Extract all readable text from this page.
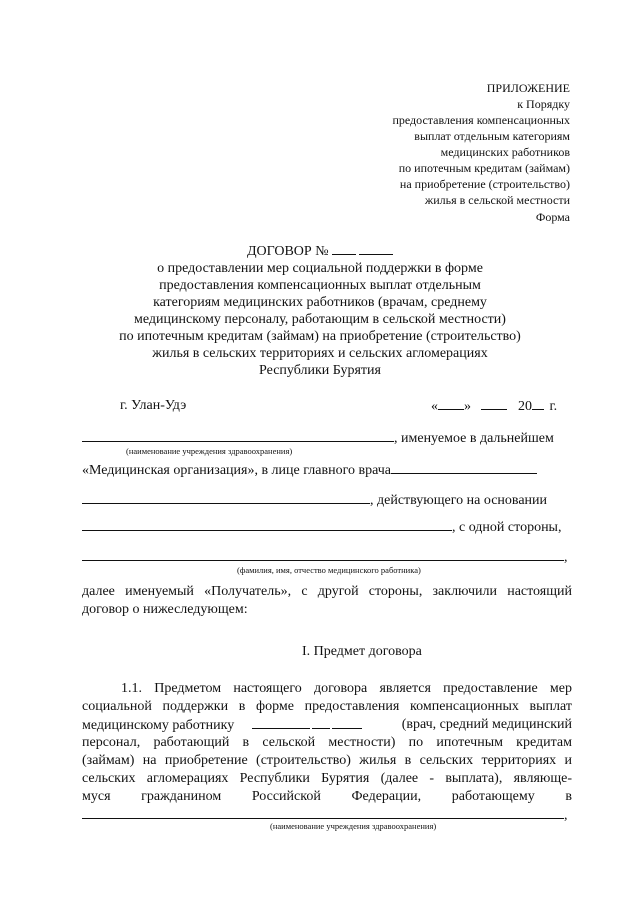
ПРИЛОЖЕНИЕ
к Порядку
предоставления компенсационных
выплат отдельным категориям
медицинских работников
по ипотечным кредитам (займам)
на приобретение (строительство)
жилья в сельской местности
Форма
ДОГОВОР №
о предоставлении мер социальной поддержки в форме
предоставления компенсационных выплат отдельным
категориям медицинских работников (врачам, среднему
медицинскому персоналу, работающим в сельской местности)
по ипотечным кредитам (займам) на приобретение (строительство)
жилья в сельских территориях и сельских агломерациях
Республики Бурятия
г. Улан-Удэ	« »	20 г.
, именуемое в дальнейшем
(наименование учреждения здравоохранения)
«Медицинская организация», в лице главного врача
, действующего на основании
, с одной стороны,
,
(фамилия, имя, отчество медицинского работника)
далее именуемый «Получатель», с другой стороны, заключили настоящий
договор о нижеследующем:
I. Предмет договора
1.1. Предметом настоящего договора является предоставление мер
социальной поддержки в форме предоставления компенсационных выплат
медицинскому работнику	(врач, средний медицинский
персонал, работающий в сельской местности) по ипотечным кредитам
(займам) на приобретение (строительство) жилья в сельских территориях и
сельских агломерациях Республики Бурятия (далее - выплата), являюще-
муся гражданином Российской Федерации, работающему в
,
(наименование учреждения здравоохранения)
